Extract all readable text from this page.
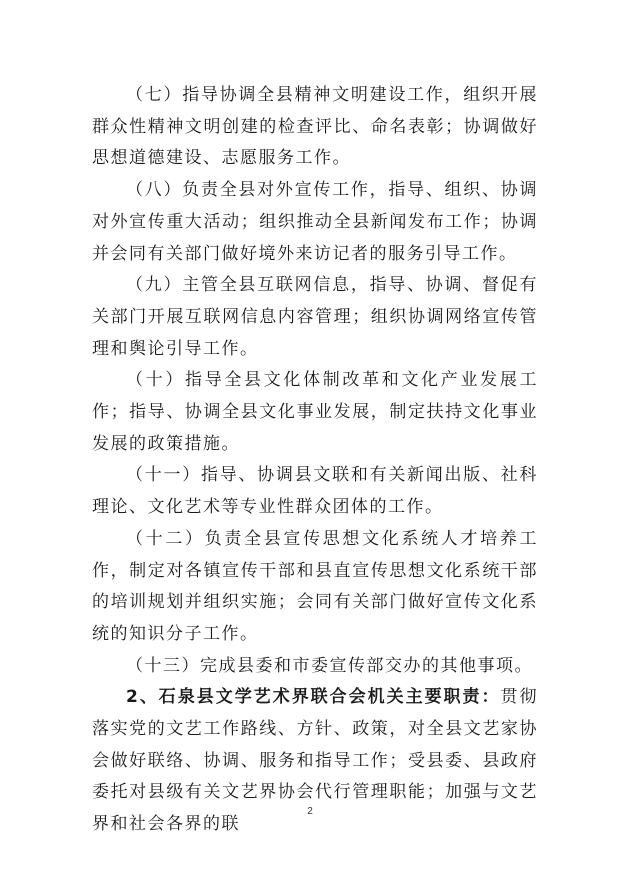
（七）指导协调全县精神文明建设工作，组织开展群众性精神文明创建的检查评比、命名表彰；协调做好思想道德建设、志愿服务工作。

（八）负责全县对外宣传工作，指导、组织、协调对外宣传重大活动；组织推动全县新闻发布工作；协调并会同有关部门做好境外来访记者的服务引导工作。

（九）主管全县互联网信息，指导、协调、督促有关部门开展互联网信息内容管理；组织协调网络宣传管理和舆论引导工作。

（十）指导全县文化体制改革和文化产业发展工作；指导、协调全县文化事业发展，制定扶持文化事业发展的政策措施。

（十一）指导、协调县文联和有关新闻出版、社科理论、文化艺术等专业性群众团体的工作。

（十二）负责全县宣传思想文化系统人才培养工作，制定对各镇宣传干部和县直宣传思想文化系统干部的培训规划并组织实施；会同有关部门做好宣传文化系统的知识分子工作。

（十三）完成县委和市委宣传部交办的其他事项。

2、石泉县文学艺术界联合会机关主要职责：贯彻落实党的文艺工作路线、方针、政策，对全县文艺家协会做好联络、协调、服务和指导工作；受县委、县政府委托对县级有关文艺界协会代行管理职能；加强与文艺界和社会各界的联

2
